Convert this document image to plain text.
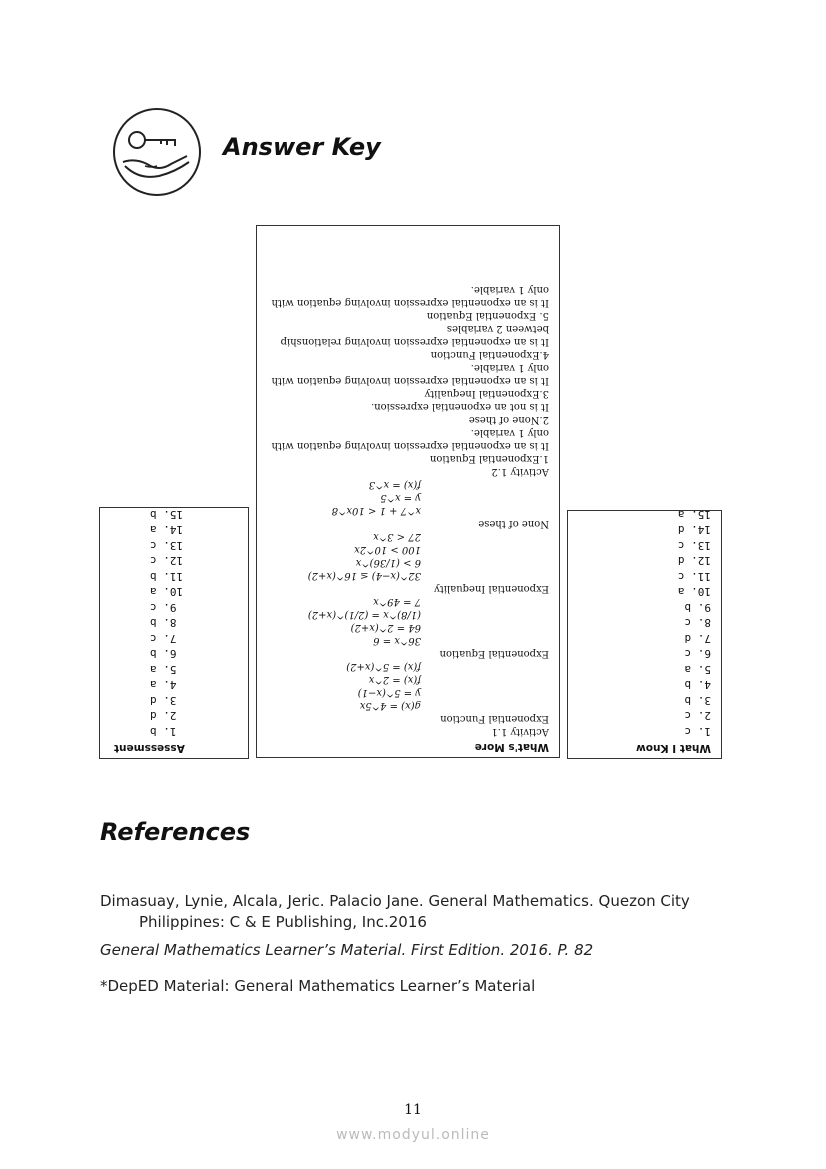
Answer Key
What I Know
1. c
2. c
3. b
4. b
5. a
6. c
7. d
8. c
9. b
10. a
11. c
12. d
13. c
14. d
15. a
What's More
Activity 1.1
Exponential Function
g(x) = 4^5x
y = 5^(x−1)
f(x) = 2^x
f(x) = 5^(x+2)
Exponential Equation
36^x = 6
64 = 2^(x+2)
(1/8)^x = (2/1)^(x+2)
7 = 49^x
Exponential Inequality
32^(x−4) ≤ 16^(x+2)
6 > (1/36)^x
100 > 10^2x
27 < 3^x
None of these
x^7 + 1 < 10x^8
y = x^5
f(x) = x^3
Activity 1.2
1.Exponential Equation
It is an exponential expression involving equation with
only 1 variable.
2.None of these
It is not an exponential expression.
3.Exponential Inequality
It is an exponential expression involving equation with
only 1 variable.
4.Exponential Function
It is an exponential expression involving relationship
between 2 variables
5. Exponential Equation
It is an exponential expression involving equation with
only 1 variable.
Assessment
1. b
2. d
3. d
4. a
5. a
6. b
7. c
8. b
9. c
10. a
11. b
12. c
13. c
14. a
15. b
References
Dimasuay, Lynie, Alcala, Jeric. Palacio Jane. General Mathematics. Quezon City
Philippines: C & E Publishing, Inc.2016
General Mathematics Learner’s Material. First Edition. 2016. P. 82
*DepED Material: General Mathematics Learner’s Material
11
www.modyul.online
